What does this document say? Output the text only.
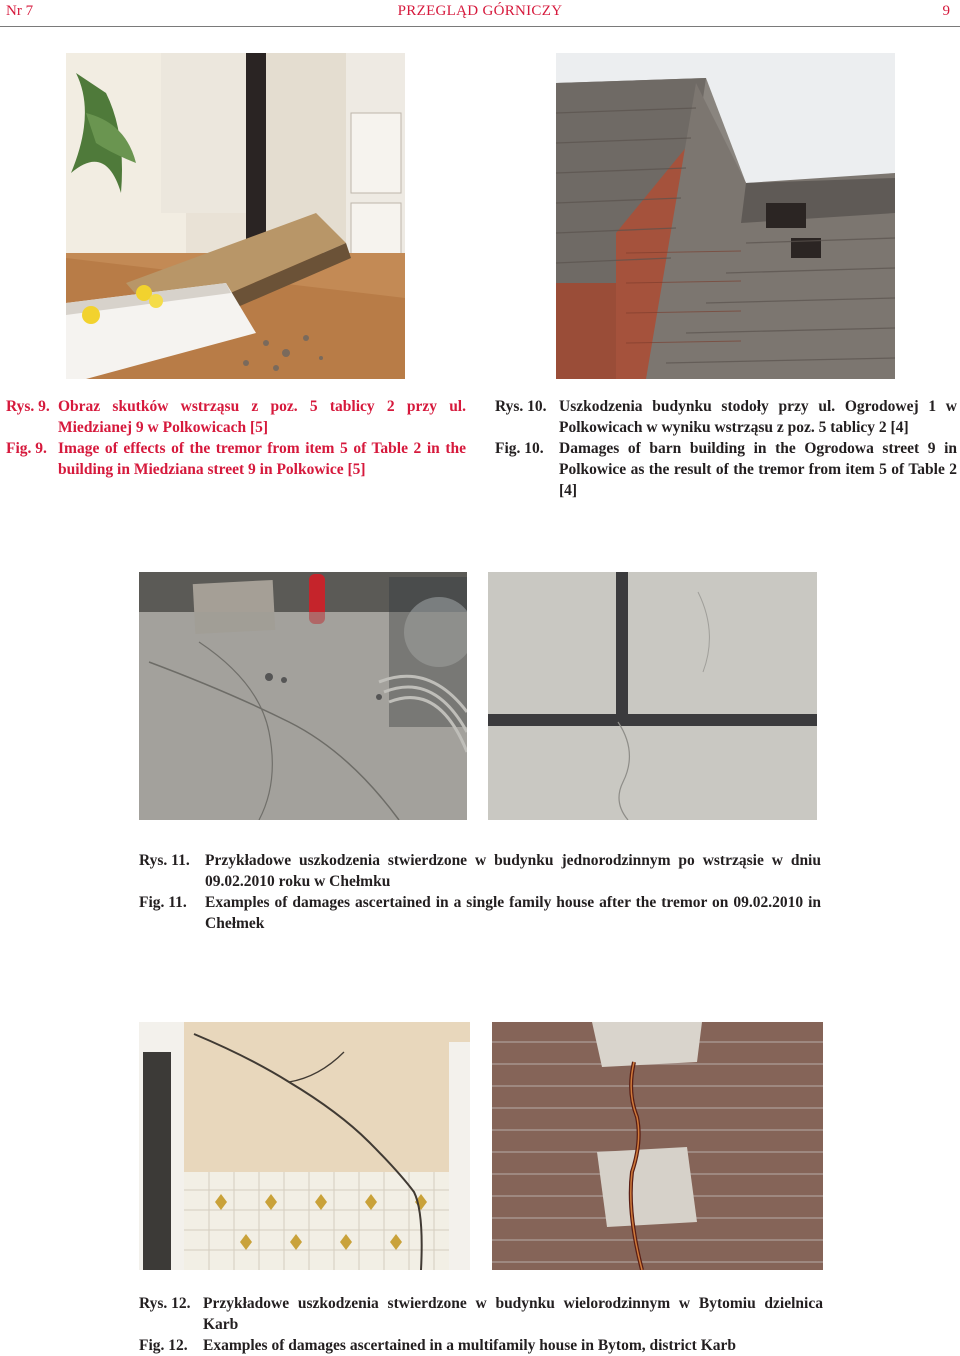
Nr 7	PRZEGLĄD GÓRNICZY	9
Rys. 9. Obraz skutków wstrząsu z poz. 5 tablicy 2 przy ul. Miedzianej 9 w Polkowicach [5]
Fig. 9. Image of effects of the tremor from item 5 of Table 2 in the building in Miedziana street 9 in Polkowice [5]
Rys. 10. Uszkodzenia budynku stodoły przy ul. Ogrodowej 1 w Polkowicach w wyniku wstrząsu z poz. 5 tablicy 2 [4]
Fig. 10. Damages of barn building in the Ogrodowa street 9 in Polkowice as the result of the tremor from item 5 of Table 2 [4]
Rys. 11. Przykładowe uszkodzenia stwierdzone w budynku jednorodzinnym po wstrząsie w dniu 09.02.2010 roku w Chełmku
Fig. 11.	Examples of damages ascertained in a single family house after the tremor on 09.02.2010 in Chełmek
Rys. 12. Przykładowe uszkodzenia stwierdzone w budynku wielorodzinnym w Bytomiu dzielnica Karb
Fig. 12. Examples of damages ascertained in a multifamily house in Bytom, district Karb
